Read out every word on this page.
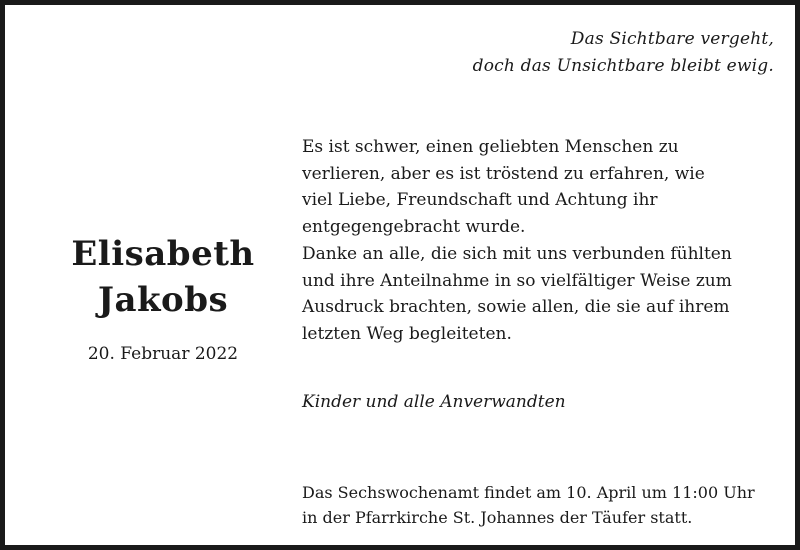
Das Sichtbare vergeht,
doch das Unsichtbare bleibt ewig.
Elisabeth
Jakobs
20. Februar 2022
Es ist schwer, einen geliebten Menschen zu
verlieren, aber es ist tröstend zu erfahren, wie
viel Liebe, Freundschaft und Achtung ihr
entgegengebracht wurde.
Danke an alle, die sich mit uns verbunden fühlten
und ihre Anteilnahme in so vielfältiger Weise zum
Ausdruck brachten, sowie allen, die sie auf ihrem
letzten Weg begleiteten.
Kinder und alle Anverwandten
Das Sechswochenamt findet am 10. April um 11:00 Uhr
in der Pfarrkirche St. Johannes der Täufer statt.
